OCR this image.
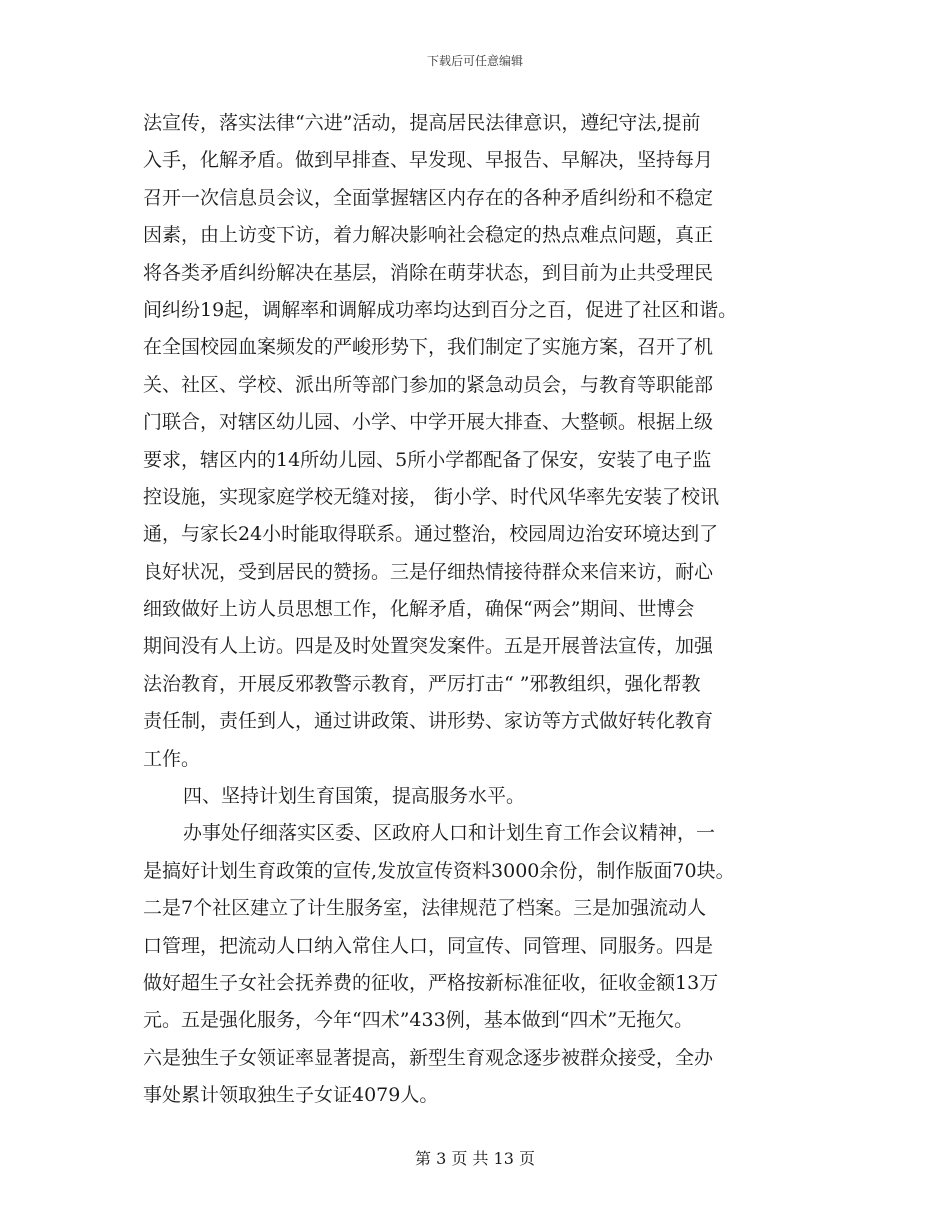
下载后可任意编辑
法宣传，落实法律“六进”活动，提高居民法律意识，遵纪守法,提前
入手，化解矛盾。做到早排查、早发现、早报告、早解决，坚持每月
召开一次信息员会议，全面掌握辖区内存在的各种矛盾纠纷和不稳定
因素，由上访变下访，着力解决影响社会稳定的热点难点问题，真正
将各类矛盾纠纷解决在基层，消除在萌芽状态，到目前为止共受理民
间纠纷19起，调解率和调解成功率均达到百分之百，促进了社区和谐。
在全国校园血案频发的严峻形势下，我们制定了实施方案，召开了机
关、社区、学校、派出所等部门参加的紧急动员会，与教育等职能部
门联合，对辖区幼儿园、小学、中学开展大排查、大整顿。根据上级
要求，辖区内的14所幼儿园、5所小学都配备了保安，安装了电子监
控设施，实现家庭学校无缝对接， 街小学、时代风华率先安装了校讯
通，与家长24小时能取得联系。通过整治，校园周边治安环境达到了
良好状况，受到居民的赞扬。三是仔细热情接待群众来信来访，耐心
细致做好上访人员思想工作，化解矛盾，确保“两会”期间、世博会
期间没有人上访。四是及时处置突发案件。五是开展普法宣传，加强
法治教育，开展反邪教警示教育，严厉打击“ ”邪教组织，强化帮教
责任制，责任到人，通过讲政策、讲形势、家访等方式做好转化教育
工作。
四、坚持计划生育国策，提高服务水平。
办事处仔细落实区委、区政府人口和计划生育工作会议精神，一
是搞好计划生育政策的宣传,发放宣传资料3000余份，制作版面70块。
二是7个社区建立了计生服务室，法律规范了档案。三是加强流动人
口管理，把流动人口纳入常住人口，同宣传、同管理、同服务。四是
做好超生子女社会抚养费的征收，严格按新标准征收，征收金额13万
元。五是强化服务，今年“四术”433例，基本做到“四术”无拖欠。
六是独生子女领证率显著提高，新型生育观念逐步被群众接受，全办
事处累计领取独生子女证4079人。
第 3 页 共 13 页
